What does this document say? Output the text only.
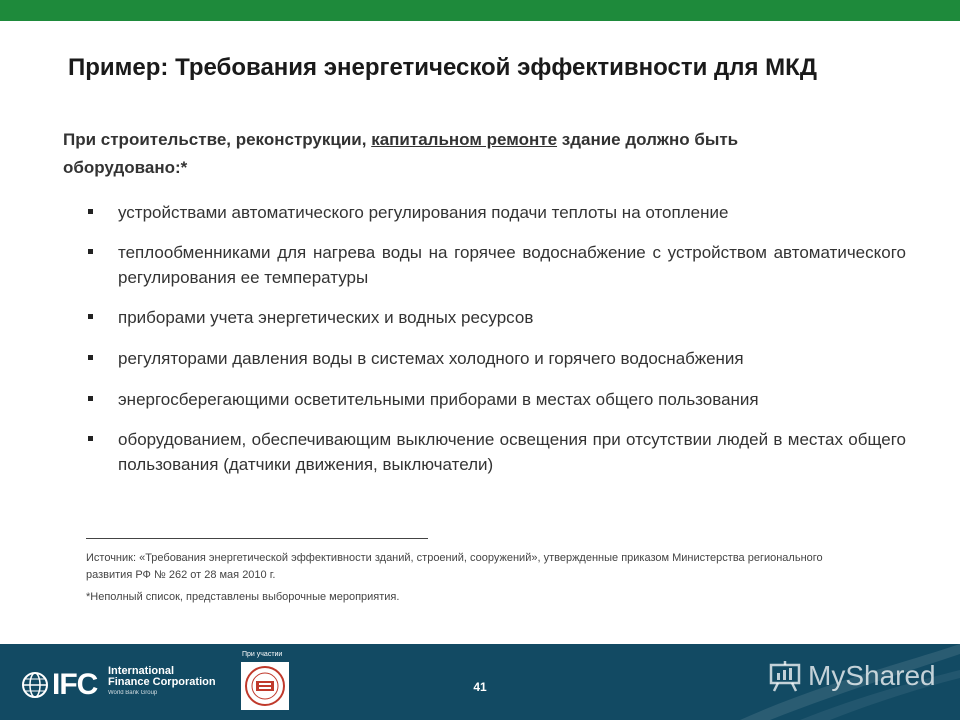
Пример: Требования энергетической эффективности для МКД
При строительстве, реконструкции, капитальном ремонте здание должно быть оборудовано:*
устройствами автоматического регулирования подачи теплоты на отопление
теплообменниками для нагрева воды на горячее водоснабжение с устройством автоматического регулирования ее температуры
приборами учета энергетических и водных ресурсов
регуляторами давления воды в системах холодного и горячего водоснабжения
энергосберегающими осветительными приборами в местах общего пользования
оборудованием, обеспечивающим выключение освещения при отсутствии людей в местах общего пользования (датчики движения, выключатели)
Источник: «Требования энергетической эффективности зданий, строений, сооружений», утвержденные приказом Министерства регионального развития РФ № 262 от 28 мая 2010 г.
*Неполный список, представлены выборочные мероприятия.
IFC International
Finance Corporation
World Bank Group
При участии
41	MyShared
